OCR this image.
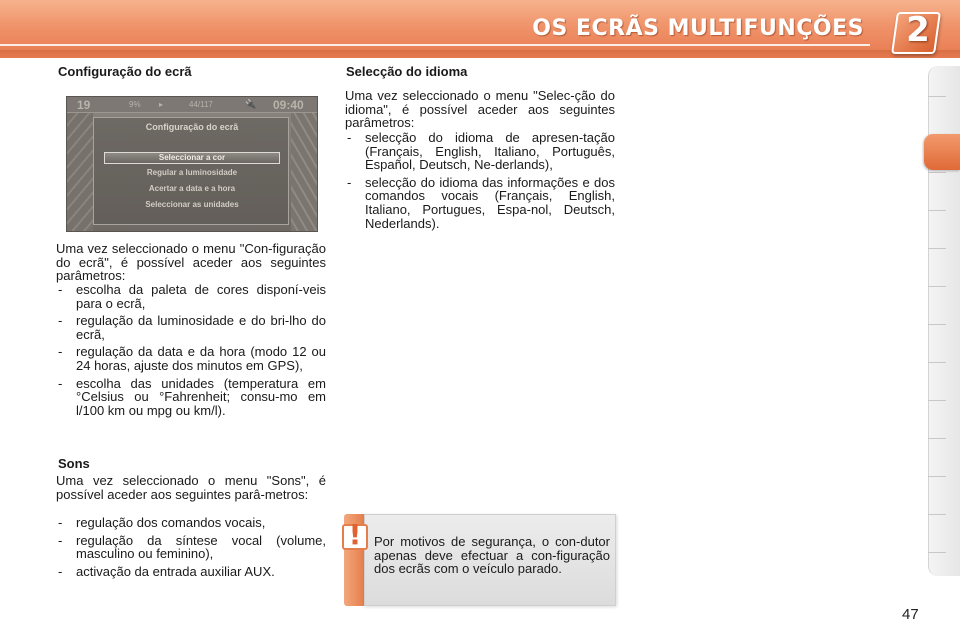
OS ECRÃS MULTIFUNÇÕES 2
Configuração do ecrã
19	9% ▸	44/117	🔌 09:40
Configuração do ecrã
Seleccionar a cor
Regular a luminosidade
Acertar a data e a hora
Seleccionar as unidades
Uma vez seleccionado o menu "Con-figuração do ecrã", é possível aceder aos seguintes parâmetros:
- escolha da paleta de cores disponí-veis para o ecrã,
- regulação da luminosidade e do bri-lho do ecrã,
- regulação da data e da hora (modo 12 ou 24 horas, ajuste dos minutos em GPS),
- escolha das unidades (temperatura em °Celsius ou °Fahrenheit; consu-mo em l/100 km ou mpg ou km/l).
Sons
Uma vez seleccionado o menu "Sons", é possível aceder aos seguintes parâ-metros:
- regulação dos comandos vocais,
- regulação da síntese vocal (volume, masculino ou feminino),
- activação da entrada auxiliar AUX.
Selecção do idioma
Uma vez seleccionado o menu "Selec-ção do idioma", é possível aceder aos seguintes parâmetros:
- selecção do idioma de apresen-tação (Français, English, Italiano, Português, Español, Deutsch, Ne-derlands),
- selecção do idioma das informações e dos comandos vocais (Français, English, Italiano, Portugues, Espa-nol, Deutsch, Nederlands).
Por motivos de segurança, o con-dutor apenas deve efectuar a con-figuração dos ecrãs com o veículo parado.
!
47
